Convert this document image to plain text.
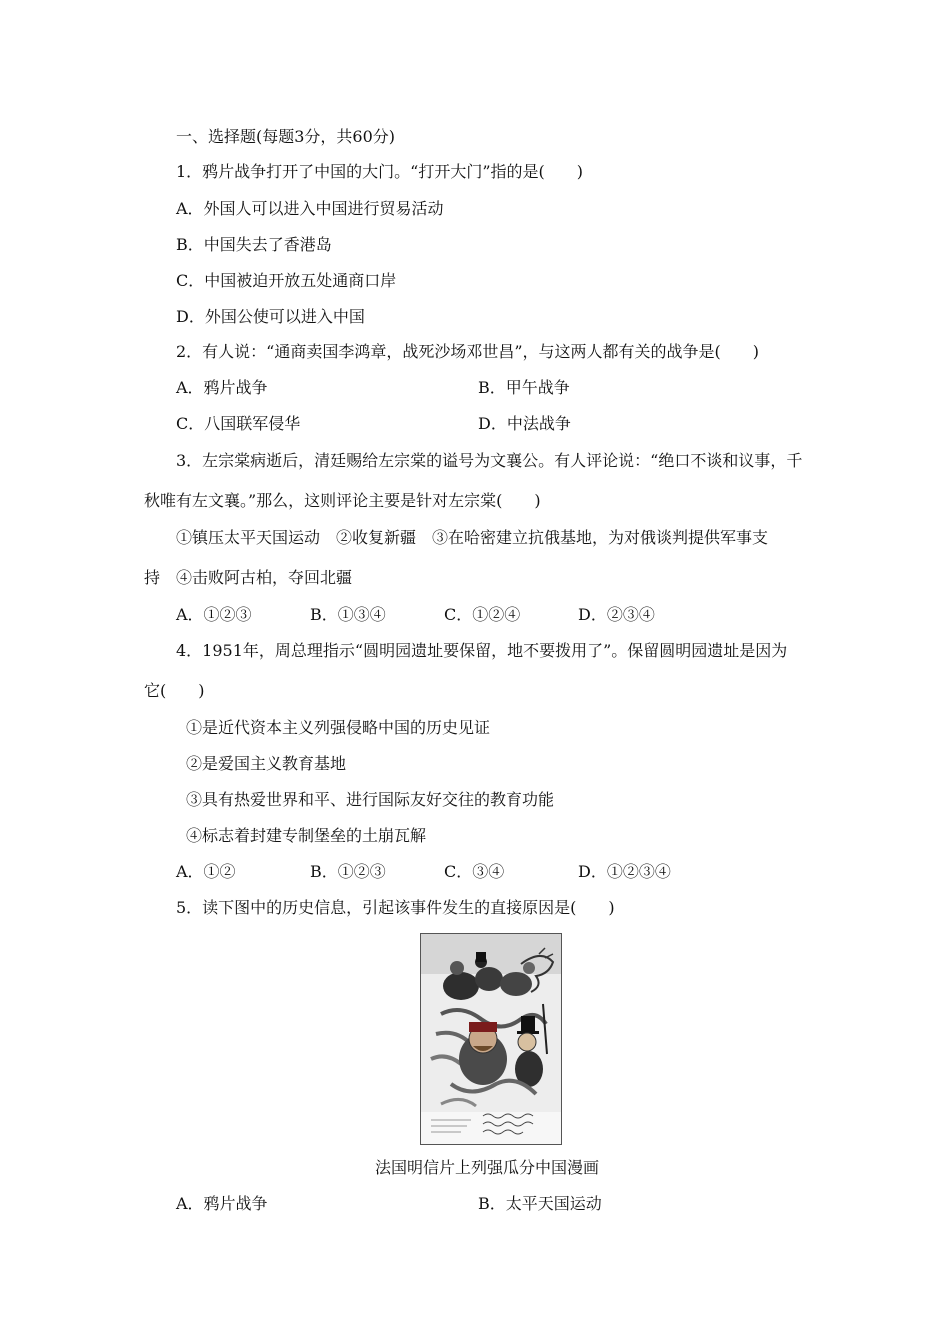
一、选择题(每题3分，共60分)
1．鸦片战争打开了中国的大门。“打开大门”指的是(　　)
A．外国人可以进入中国进行贸易活动
B．中国失去了香港岛
C．中国被迫开放五处通商口岸
D．外国公使可以进入中国
2．有人说：“通商卖国李鸿章，战死沙场邓世昌”，与这两人都有关的战争是(　　)
A．鸦片战争	B．甲午战争
C．八国联军侵华	D．中法战争
3．左宗棠病逝后，清廷赐给左宗棠的谥号为文襄公。有人评论说：“绝口不谈和议事，千
秋唯有左文襄。”那么，这则评论主要是针对左宗棠(　　)
①镇压太平天国运动　②收复新疆　③在哈密建立抗俄基地，为对俄谈判提供军事支
持　④击败阿古柏，夺回北疆
A．①②③	B．①③④	C．①②④	D．②③④
4．1951年，周总理指示“圆明园遗址要保留，地不要拨用了”。保留圆明园遗址是因为
它(　　)
①是近代资本主义列强侵略中国的历史见证
②是爱国主义教育基地
③具有热爱世界和平、进行国际友好交往的教育功能
④标志着封建专制堡垒的土崩瓦解
A．①②	B．①②③	C．③④	D．①②③④
5．读下图中的历史信息，引起该事件发生的直接原因是(　　)
法国明信片上列强瓜分中国漫画
A．鸦片战争	B．太平天国运动
